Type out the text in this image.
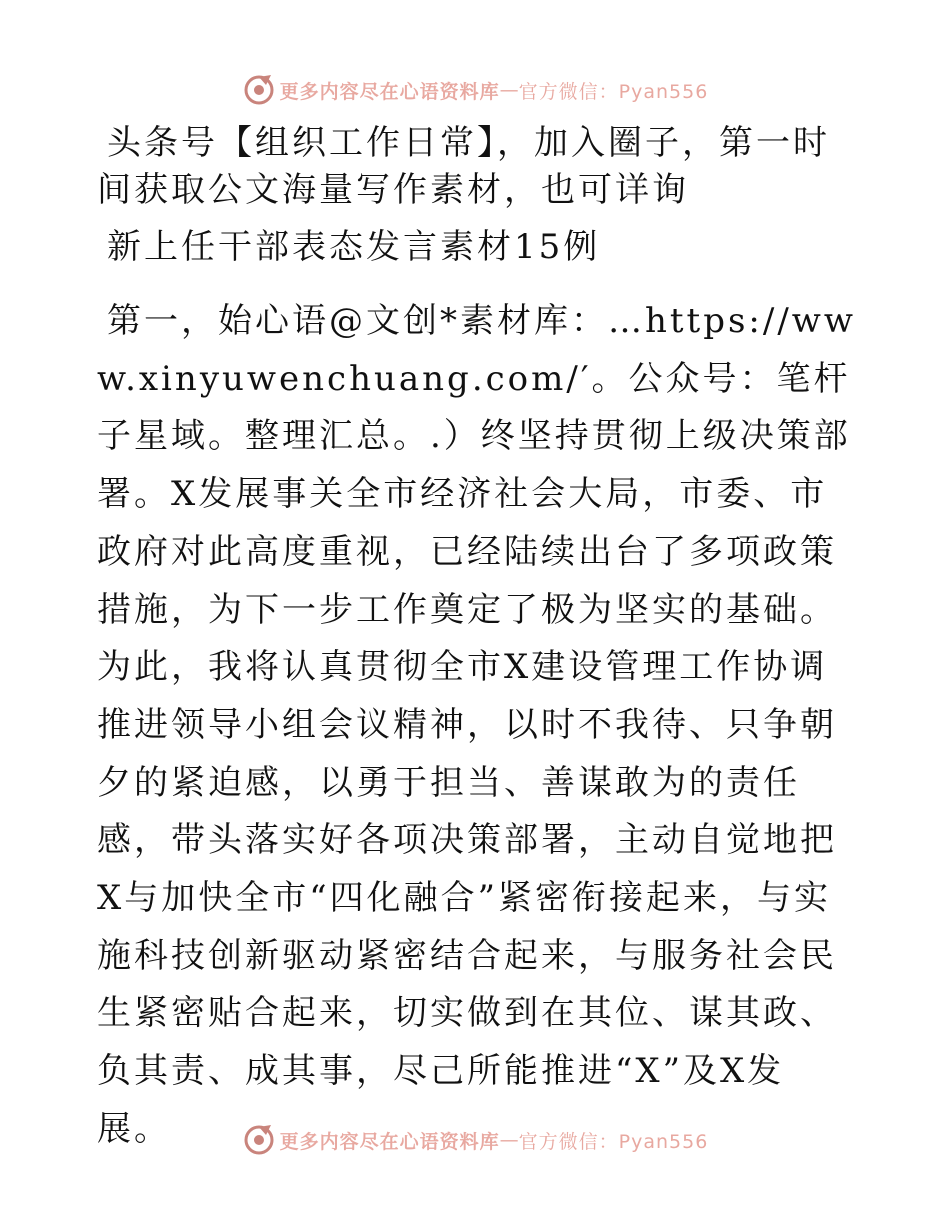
更多内容尽在心语资料库 — 官方微信：Pyan556

头条号【组织工作日常】，加入圈子，第一时间获取公文海量写作素材，也可详询

新上任干部表态发言素材15例

第一，始心语@文创*素材库：…https://www.xinyuwenchuang.com/′。公众号：笔杆子星域。整理汇总。.）终坚持贯彻上级决策部署。X发展事关全市经济社会大局，市委、市政府对此高度重视，已经陆续出台了多项政策措施，为下一步工作奠定了极为坚实的基础。为此，我将认真贯彻全市X建设管理工作协调推进领导小组会议精神，以时不我待、只争朝夕的紧迫感，以勇于担当、善谋敢为的责任感，带头落实好各项决策部署，主动自觉地把X与加快全市“四化融合”紧密衔接起来，与实施科技创新驱动紧密结合起来，与服务社会民生紧密贴合起来，切实做到在其位、谋其政、负其责、成其事，尽己所能推进“X”及X发展。	更多内容尽在心语资料库 — 官方微信：Pyan556
